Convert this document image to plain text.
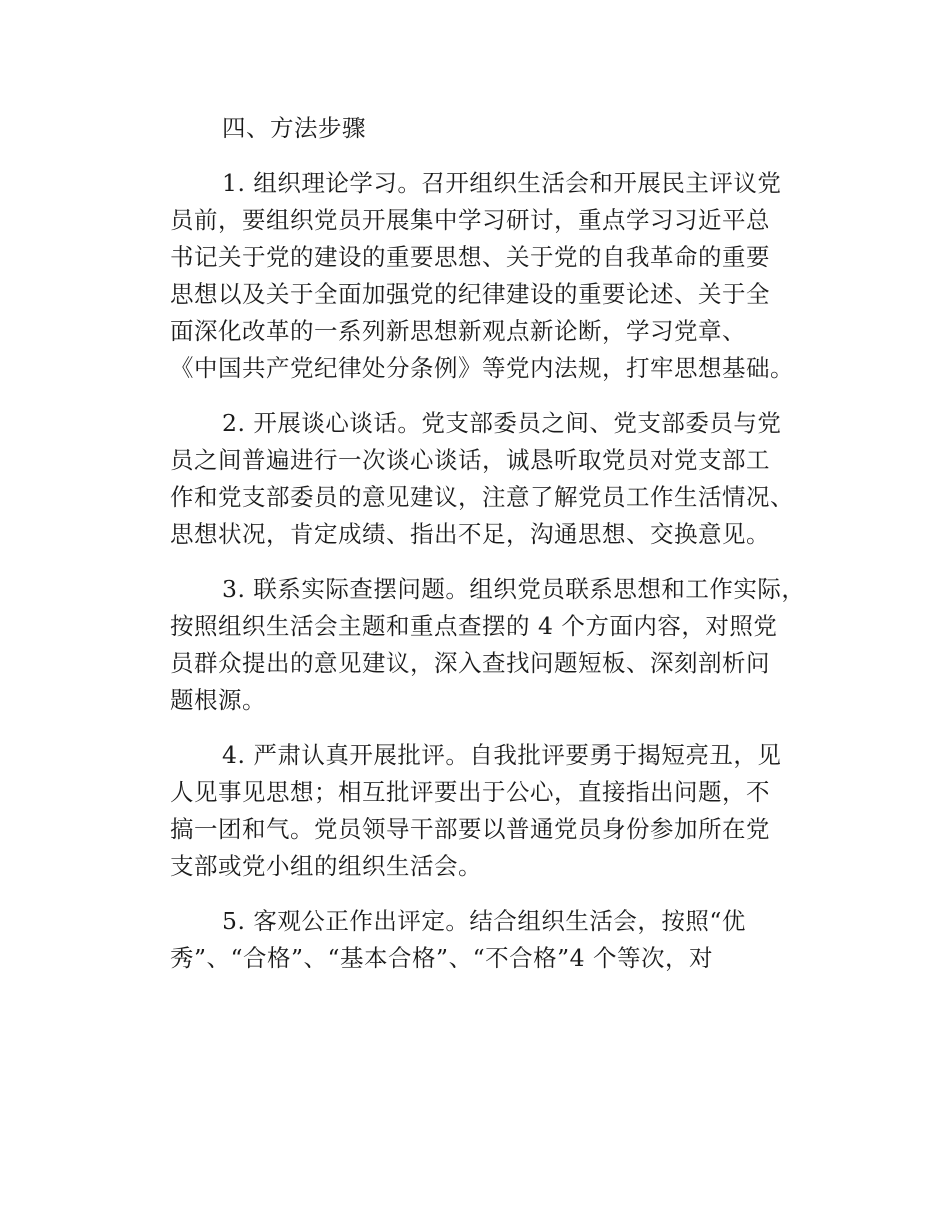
四、方法步骤
1. 组织理论学习。召开组织生活会和开展民主评议党
员前，要组织党员开展集中学习研讨，重点学习习近平总
书记关于党的建设的重要思想、关于党的自我革命的重要
思想以及关于全面加强党的纪律建设的重要论述、关于全
面深化改革的一系列新思想新观点新论断，学习党章、
《中国共产党纪律处分条例》等党内法规，打牢思想基础。
2. 开展谈心谈话。党支部委员之间、党支部委员与党
员之间普遍进行一次谈心谈话，诚恳听取党员对党支部工
作和党支部委员的意见建议，注意了解党员工作生活情况、
思想状况，肯定成绩、指出不足，沟通思想、交换意见。
3. 联系实际查摆问题。组织党员联系思想和工作实际，
按照组织生活会主题和重点查摆的 4 个方面内容，对照党
员群众提出的意见建议，深入查找问题短板、深刻剖析问
题根源。
4. 严肃认真开展批评。自我批评要勇于揭短亮丑，见
人见事见思想；相互批评要出于公心，直接指出问题，不
搞一团和气。党员领导干部要以普通党员身份参加所在党
支部或党小组的组织生活会。
5. 客观公正作出评定。结合组织生活会，按照“优
秀”、“合格”、“基本合格”、“不合格”4 个等次，对
